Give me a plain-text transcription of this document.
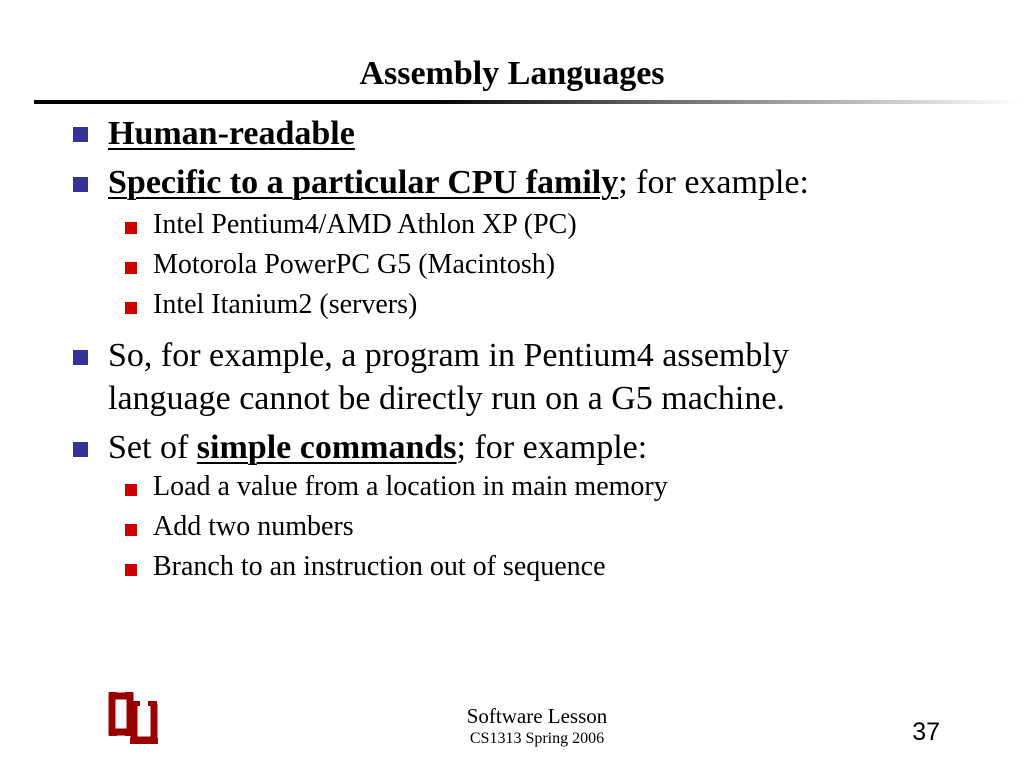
Assembly Languages
Human-readable
Specific to a particular CPU family; for example:
Intel Pentium4/AMD Athlon XP (PC)
Motorola PowerPC G5 (Macintosh)
Intel Itanium2 (servers)
So, for example, a program in Pentium4 assembly
language cannot be directly run on a G5 machine.
Set of simple commands; for example:
Load a value from a location in main memory
Add two numbers
Branch to an instruction out of sequence
Software Lesson
CS1313 Spring 2006	37
